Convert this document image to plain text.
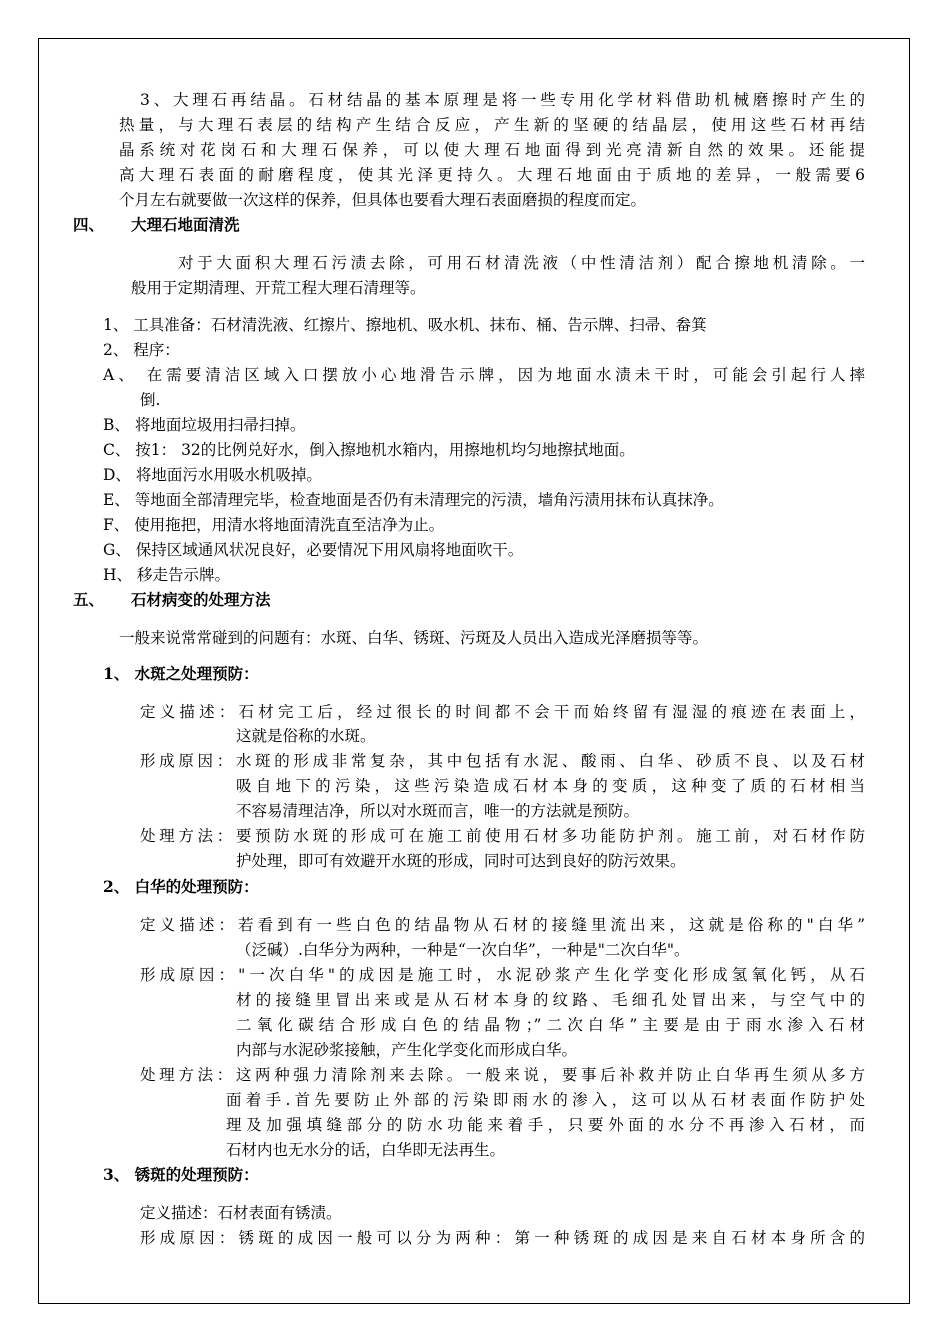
3、大理石再结晶。石材结晶的基本原理是将一些专用化学材料借助机械磨擦时产生的
热量，与大理石表层的结构产生结合反应，产生新的坚硬的结晶层，使用这些石材再结
晶系统对花岗石和大理石保养，可以使大理石地面得到光亮清新自然的效果。还能提
高大理石表面的耐磨程度，使其光泽更持久。大理石地面由于质地的差异，一般需要6
个月左右就要做一次这样的保养，但具体也要看大理石表面磨损的程度而定。
四、 大理石地面清洗
对于大面积大理石污渍去除，可用石材清洗液（中性清洁剂）配合擦地机清除。一
般用于定期清理、开荒工程大理石清理等。
1、 工具准备：石材清洗液、红擦片、擦地机、吸水机、抹布、桶、告示牌、扫帚、畚箕
2、 程序：
A、 在需要清洁区域入口摆放小心地滑告示牌，因为地面水渍未干时，可能会引起行人摔
倒.
B、 将地面垃圾用扫帚扫掉。
C、 按1： 32的比例兑好水，倒入擦地机水箱内，用擦地机均匀地擦拭地面。
D、 将地面污水用吸水机吸掉。
E、 等地面全部清理完毕，检查地面是否仍有未清理完的污渍，墙角污渍用抹布认真抹净。
F、 使用拖把，用清水将地面清洗直至洁净为止。
G、 保持区域通风状况良好，必要情况下用风扇将地面吹干。
H、 移走告示牌。
五、 石材病变的处理方法
一般来说常常碰到的问题有：水斑、白华、锈斑、污斑及人员出入造成光泽磨损等等。
1、 水斑之处理预防：
定义描述：石材完工后，经过很长的时间都不会干而始终留有湿湿的痕迹在表面上，
这就是俗称的水斑。
形成原因：水斑的形成非常复杂，其中包括有水泥、酸雨、白华、砂质不良、以及石材
吸自地下的污染，这些污染造成石材本身的变质，这种变了质的石材相当
不容易清理洁净，所以对水斑而言，唯一的方法就是预防。
处理方法：要预防水斑的形成可在施工前使用石材多功能防护剂。施工前，对石材作防
护处理，即可有效避开水斑的形成，同时可达到良好的防污效果。
2、 白华的处理预防：
定义描述：若看到有一些白色的结晶物从石材的接缝里流出来，这就是俗称的"白华”
（泛碱）.白华分为两种，一种是“一次白华”，一种是"二次白华"。
形成原因："一次白华"的成因是施工时，水泥砂浆产生化学变化形成氢氧化钙，从石
材的接缝里冒出来或是从石材本身的纹路、毛细孔处冒出来，与空气中的
二氧化碳结合形成白色的结晶物；”二次白华”主要是由于雨水渗入石材
内部与水泥砂浆接触，产生化学变化而形成白华。
处理方法：这两种强力清除剂来去除。一般来说，要事后补救并防止白华再生须从多方
面着手.首先要防止外部的污染即雨水的渗入，这可以从石材表面作防护处
理及加强填缝部分的防水功能来着手，只要外面的水分不再渗入石材，而
石材内也无水分的话，白华即无法再生。
3、 锈斑的处理预防：
定义描述：石材表面有锈渍。
形成原因：锈斑的成因一般可以分为两种：第一种锈斑的成因是来自石材本身所含的
